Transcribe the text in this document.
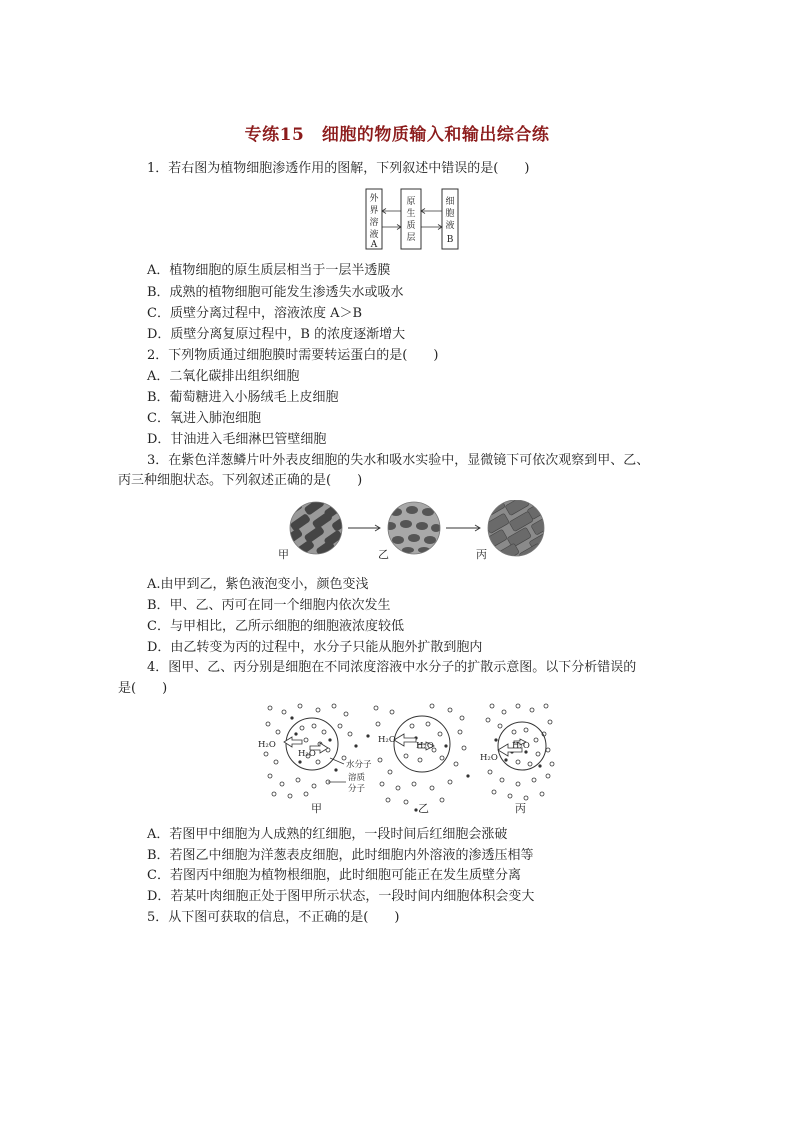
专练15　细胞的物质输入和输出综合练
1．若右图为植物细胞渗透作用的图解，下列叙述中错误的是(　　)
外
界
溶
液
A
原
生
质
层
细
胞
液
B
A．植物细胞的原生质层相当于一层半透膜
B．成熟的植物细胞可能发生渗透失水或吸水
C．质壁分离过程中，溶液浓度 A＞B
D．质壁分离复原过程中，B 的浓度逐渐增大
2．下列物质通过细胞膜时需要转运蛋白的是(　　)
A．二氧化碳排出组织细胞
B．葡萄糖进入小肠绒毛上皮细胞
C．氧进入肺泡细胞
D．甘油进入毛细淋巴管壁细胞
3．在紫色洋葱鳞片叶外表皮细胞的失水和吸水实验中，显微镜下可依次观察到甲、乙、
丙三种细胞状态。下列叙述正确的是(　　)
甲	乙	丙
A.由甲到乙，紫色液泡变小，颜色变浅
B．甲、乙、丙可在同一个细胞内依次发生
C．与甲相比，乙所示细胞的细胞液浓度较低
D．由乙转变为丙的过程中，水分子只能从胞外扩散到胞内
4．图甲、乙、丙分别是细胞在不同浓度溶液中水分子的扩散示意图。以下分析错误的
是(　　)
H₂O
H₂O
H₂O
H₂O
H₂O
H₂O
水分子
溶质
分子
甲	乙	丙
A．若图甲中细胞为人成熟的红细胞，一段时间后红细胞会涨破
B．若图乙中细胞为洋葱表皮细胞，此时细胞内外溶液的渗透压相等
C．若图丙中细胞为植物根细胞，此时细胞可能正在发生质壁分离
D．若某叶肉细胞正处于图甲所示状态，一段时间内细胞体积会变大
5．从下图可获取的信息，不正确的是(　　)
